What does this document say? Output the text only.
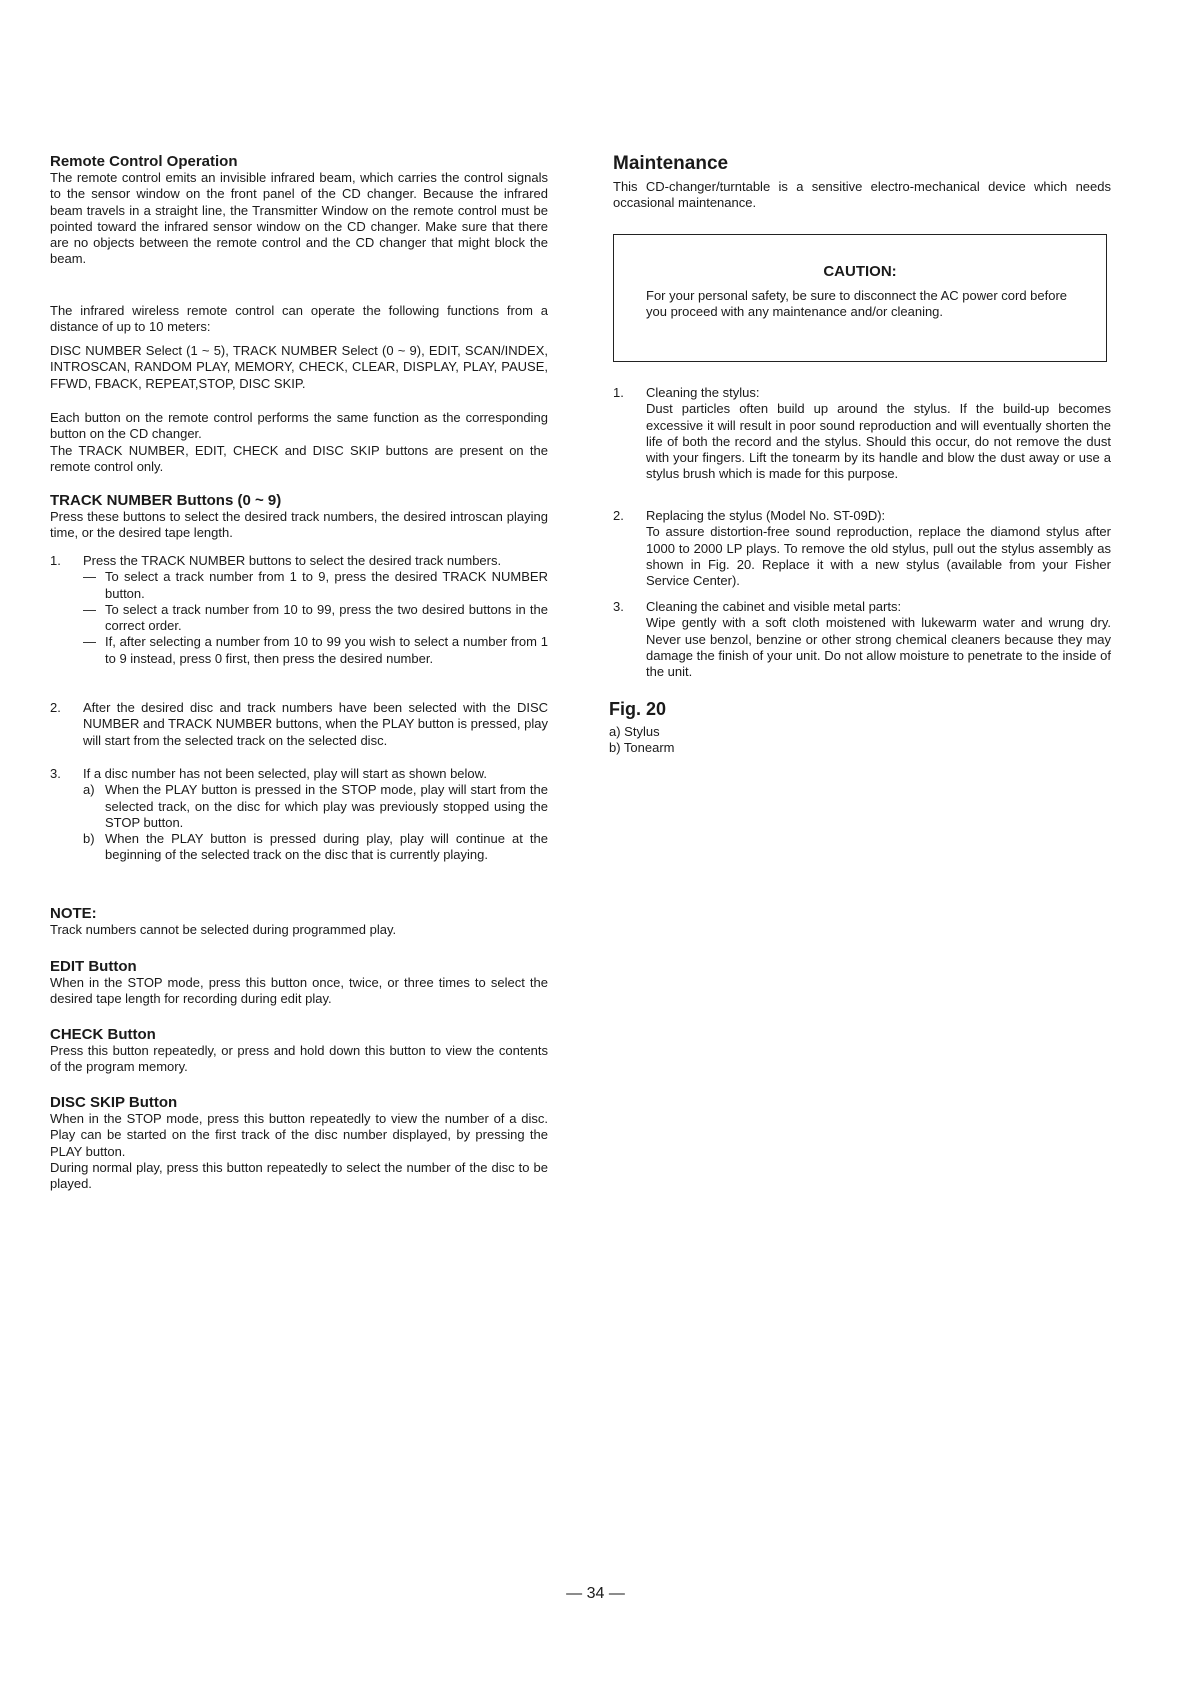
Remote Control Operation

The remote control emits an invisible infrared beam, which carries the control signals to the sensor window on the front panel of the CD changer. Because the infrared beam travels in a straight line, the Transmitter Window on the remote control must be pointed toward the infrared sensor window on the CD changer. Make sure that there are no objects between the remote control and the CD changer that might block the beam.

The infrared wireless remote control can operate the following functions from a distance of up to 10 meters:

DISC NUMBER Select (1 ~ 5), TRACK NUMBER Select (0 ~ 9), EDIT, SCAN/INDEX, INTROSCAN, RANDOM PLAY, MEMORY, CHECK, CLEAR, DISPLAY, PLAY, PAUSE, FFWD, FBACK, REPEAT,STOP, DISC SKIP.

Each button on the remote control performs the same function as the corresponding button on the CD changer.

The TRACK NUMBER, EDIT, CHECK and DISC SKIP buttons are present on the remote control only.

TRACK NUMBER Buttons (0 ~ 9)

Press these buttons to select the desired track numbers, the desired introscan playing time, or the desired tape length.

1. Press the TRACK NUMBER buttons to select the desired track numbers.

— To select a track number from 1 to 9, press the desired TRACK NUMBER button.

— To select a track number from 10 to 99, press the two desired buttons in the correct order.

— If, after selecting a number from 10 to 99 you wish to select a number from 1 to 9 instead, press 0 first, then press the desired number.

2. After the desired disc and track numbers have been selected with the DISC NUMBER and TRACK NUMBER buttons, when the PLAY button is pressed, play will start from the selected track on the selected disc.

3. If a disc number has not been selected, play will start as shown below.

a) When the PLAY button is pressed in the STOP mode, play will start from the selected track, on the disc for which play was previously stopped using the STOP button.

b) When the PLAY button is pressed during play, play will continue at the beginning of the selected track on the disc that is currently playing.

NOTE:

Track numbers cannot be selected during programmed play.

EDIT Button

When in the STOP mode, press this button once, twice, or three times to select the desired tape length for recording during edit play.

CHECK Button

Press this button repeatedly, or press and hold down this button to view the contents of the program memory.

DISC SKIP Button

When in the STOP mode, press this button repeatedly to view the number of a disc. Play can be started on the first track of the disc number displayed, by pressing the PLAY button.

During normal play, press this button repeatedly to select the number of the disc to be played.

Maintenance

This CD-changer/turntable is a sensitive electro-mechanical device which needs occasional maintenance.

CAUTION:

For your personal safety, be sure to disconnect the AC power cord before you proceed with any maintenance and/or cleaning.

1. Cleaning the stylus:

Dust particles often build up around the stylus. If the build-up becomes excessive it will result in poor sound reproduction and will eventually shorten the life of both the record and the stylus. Should this occur, do not remove the dust with your fingers. Lift the tonearm by its handle and blow the dust away or use a stylus brush which is made for this purpose.

2. Replacing the stylus (Model No. ST-09D):

To assure distortion-free sound reproduction, replace the diamond stylus after 1000 to 2000 LP plays. To remove the old stylus, pull out the stylus assembly as shown in Fig. 20. Replace it with a new stylus (available from your Fisher Service Center).

3. Cleaning the cabinet and visible metal parts:

Wipe gently with a soft cloth moistened with lukewarm water and wrung dry. Never use benzol, benzine or other strong chemical cleaners because they may damage the finish of your unit. Do not allow moisture to penetrate to the inside of the unit.

Fig. 20

a) Stylus

b) Tonearm

— 34 —
